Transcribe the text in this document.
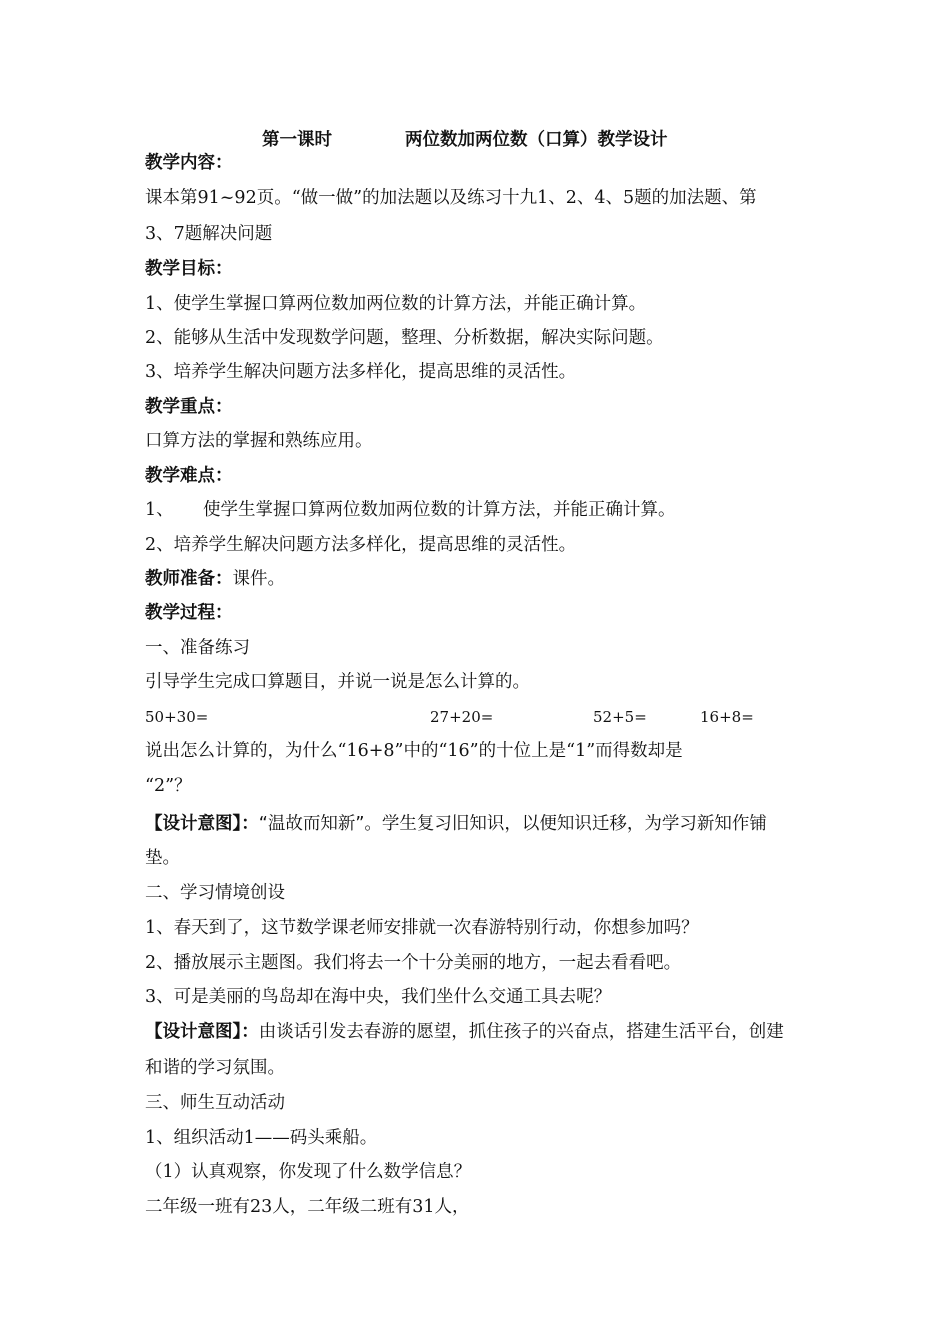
第一课时	两位数加两位数（口算）教学设计
教学内容：
课本第91~92页。“做一做”的加法题以及练习十九1、2、4、5题的加法题、第
3、7题解决问题
教学目标：
1、使学生掌握口算两位数加两位数的计算方法，并能正确计算。
2、能够从生活中发现数学问题，整理、分析数据，解决实际问题。
3、培养学生解决问题方法多样化，提高思维的灵活性。
教学重点：
口算方法的掌握和熟练应用。
教学难点：
1、 使学生掌握口算两位数加两位数的计算方法，并能正确计算。
2、培养学生解决问题方法多样化，提高思维的灵活性。
教师准备：课件。
教学过程：
一、准备练习
引导学生完成口算题目，并说一说是怎么计算的。
50+30=	27+20=	52+5=	16+8=
说出怎么计算的，为什么“16+8”中的“16”的十位上是“1”而得数却是
“2”？
【设计意图】：“温故而知新”。学生复习旧知识，以便知识迁移，为学习新知作铺
垫。
二、学习情境创设
1、春天到了，这节数学课老师安排就一次春游特别行动，你想参加吗？
2、播放展示主题图。我们将去一个十分美丽的地方，一起去看看吧。
3、可是美丽的鸟岛却在海中央，我们坐什么交通工具去呢？
【设计意图】：由谈话引发去春游的愿望，抓住孩子的兴奋点，搭建生活平台，创建
和谐的学习氛围。
三、师生互动活动
1、组织活动1——码头乘船。
（1）认真观察，你发现了什么数学信息？
二年级一班有23人，二年级二班有31人，
